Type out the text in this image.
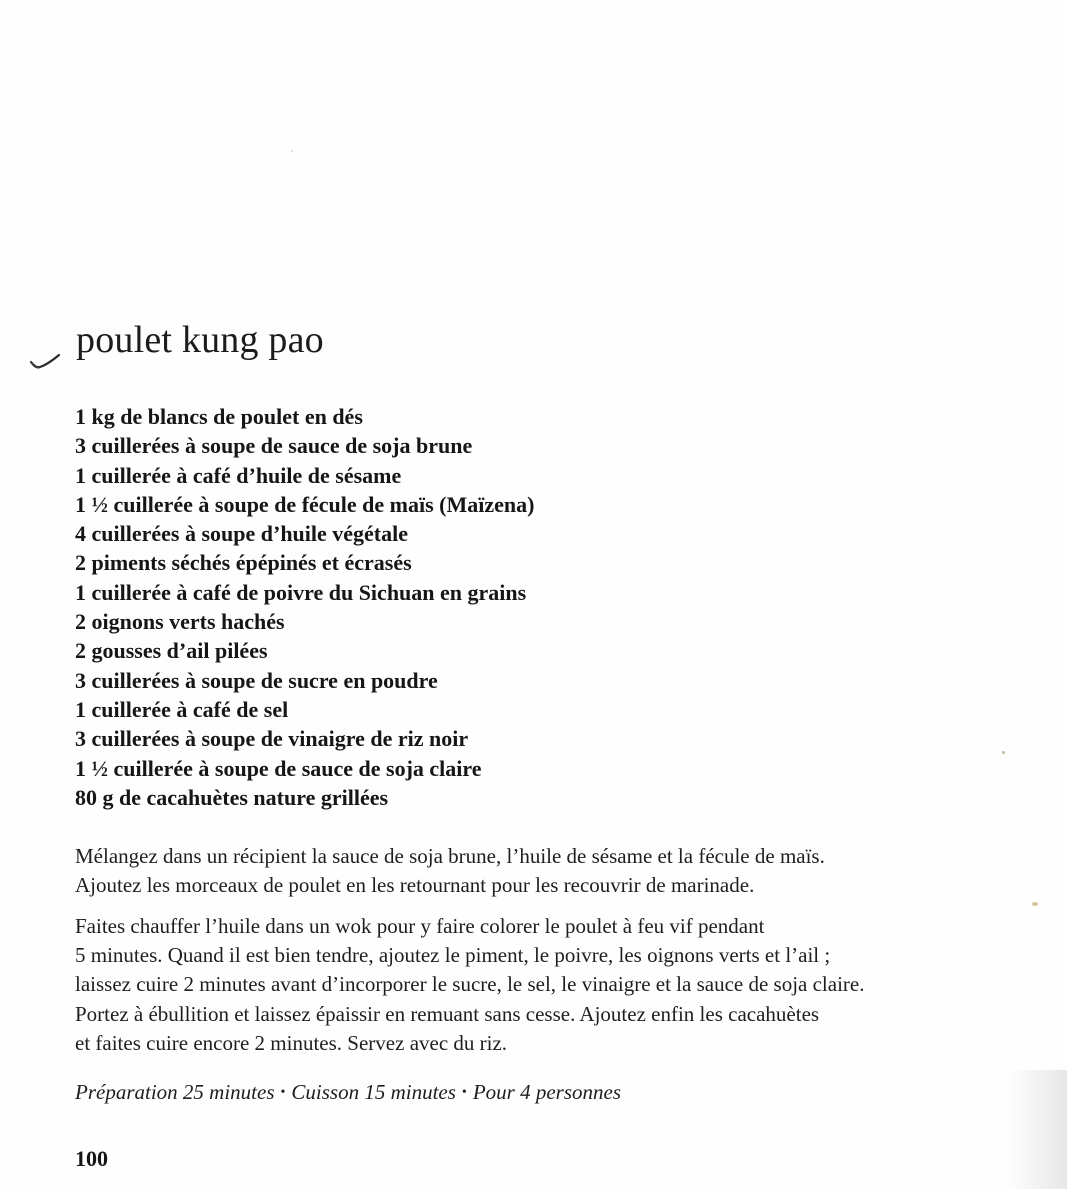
poulet kung pao
1 kg de blancs de poulet en dés
3 cuillerées à soupe de sauce de soja brune
1 cuillerée à café d’huile de sésame
1 ½ cuillerée à soupe de fécule de maïs (Maïzena)
4 cuillerées à soupe d’huile végétale
2 piments séchés épépinés et écrasés
1 cuillerée à café de poivre du Sichuan en grains
2 oignons verts hachés
2 gousses d’ail pilées
3 cuillerées à soupe de sucre en poudre
1 cuillerée à café de sel
3 cuillerées à soupe de vinaigre de riz noir
1 ½ cuillerée à soupe de sauce de soja claire
80 g de cacahuètes nature grillées

Mélangez dans un récipient la sauce de soja brune, l’huile de sésame et la fécule de maïs.
Ajoutez les morceaux de poulet en les retournant pour les recouvrir de marinade.

Faites chauffer l’huile dans un wok pour y faire colorer le poulet à feu vif pendant
5 minutes. Quand il est bien tendre, ajoutez le piment, le poivre, les oignons verts et l’ail ;
laissez cuire 2 minutes avant d’incorporer le sucre, le sel, le vinaigre et la sauce de soja claire.
Portez à ébullition et laissez épaissir en remuant sans cesse. Ajoutez enfin les cacahuètes
et faites cuire encore 2 minutes. Servez avec du riz.

Préparation 25 minutes • Cuisson 15 minutes • Pour 4 personnes
100
